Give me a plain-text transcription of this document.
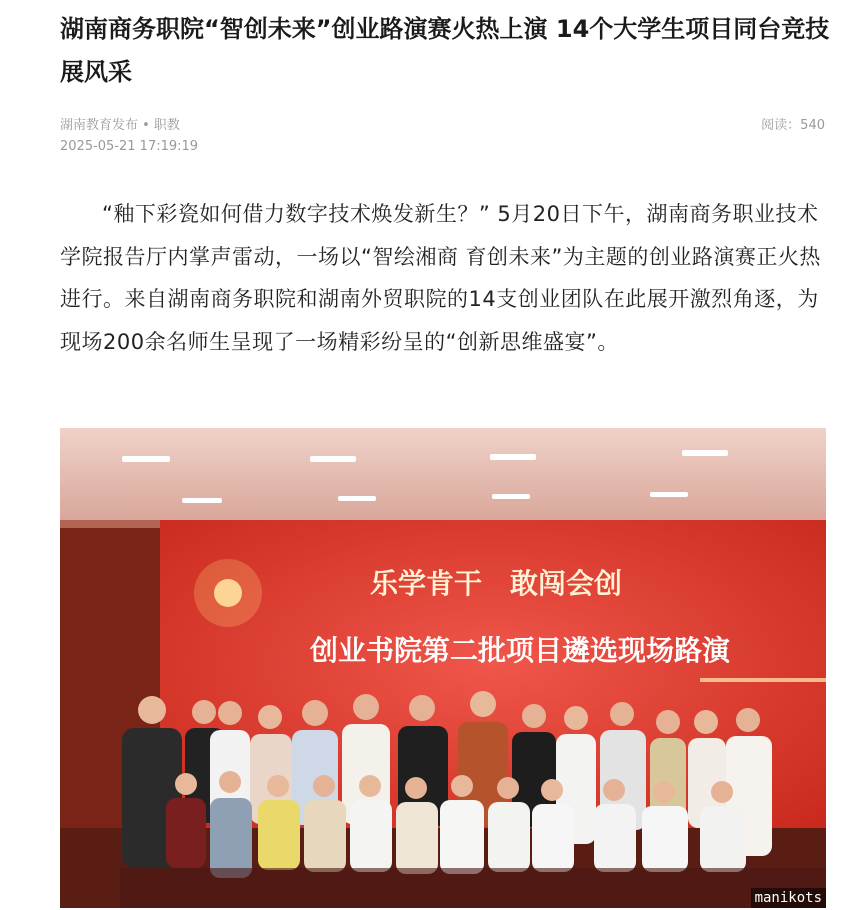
湖南商务职院“智创未来”创业路演赛火热上演 14个大学生项目同台竞技展风采
湖南教育发布 • 职教
2025-05-21 17:19:19
阅读：540

“釉下彩瓷如何借力数字技术焕发新生？” 5月20日下午，湖南商务职业技术学院报告厅内掌声雷动，一场以“智绘湘商 育创未来”为主题的创业路演赛正火热进行。来自湖南商务职院和湖南外贸职院的14支创业团队在此展开激烈角逐，为现场200余名师生呈现了一场精彩纷呈的“创新思维盛宴”。

乐学肯干　敢闯会创
创业书院第二批项目遴选现场路演
manikots
